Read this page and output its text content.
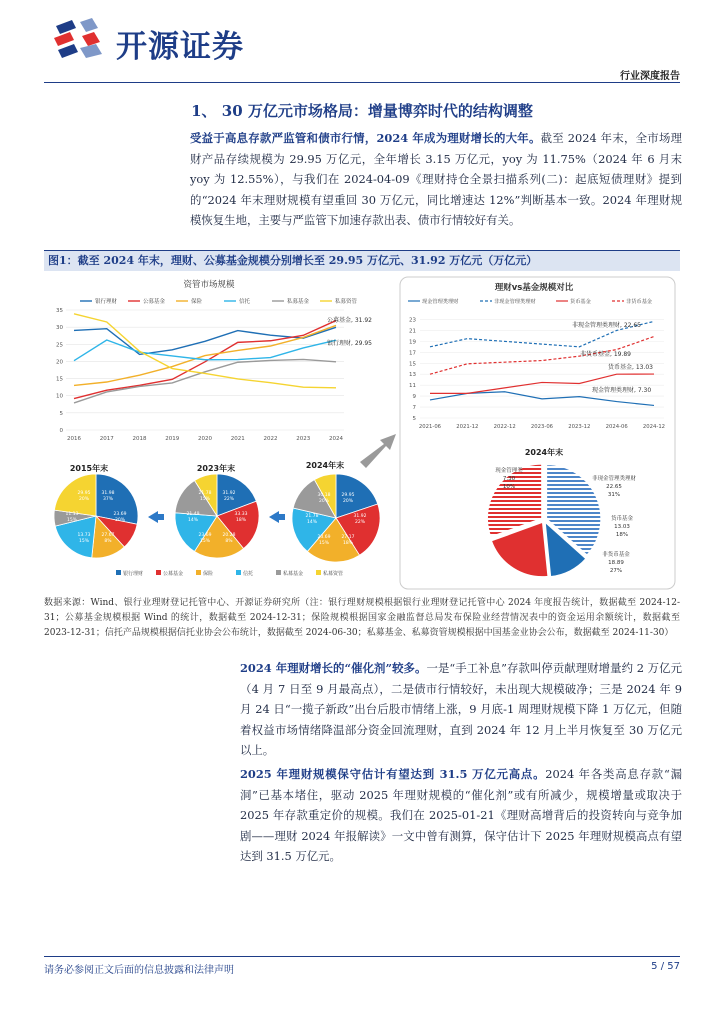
开源证券
行业深度报告
1、 30 万亿元市场格局：增量博弈时代的结构调整
受益于高息存款严监管和债市行情，2024 年成为理财增长的大年。截至 2024 年末，全市场理财产品存续规模为 29.95 万亿元，全年增长 3.15 万亿元，yoy 为 11.75%（2024 年 6 月末 yoy 为 12.55%），与我们在 2024-04-09《理财持仓全景扫描系列(二)：起底短债理财》提到的“2024 年末理财规模有望重回 30 万亿元，同比增速达 12%”判断基本一致。2024 年理财规模恢复生地，主要与严监管下加速存款出表、债市行情较好有关。
图1：截至 2024 年末，理财、公募基金规模分别增长至 29.95 万亿元、31.92 万亿元（万亿元）
资管市场规模
银行理财	公募基金	保险	信托	私募基金	私募资管
0
5
10
15
20
25
30
35
2016	2017	2018	2019	2020	2021	2022	2023	2024
公募基金, 31.92
银行理财, 29.95
2015年末	2023年末	2024年末
31.98
37%
23.69
30%
27.67
8%
13.73
15%
11.13
15%
29.95
20%
31.92
22%
33.33
18%
20.28
8%
23.69
15%
21.49
14%
21.78
15%
29.95
20%
31.92
22%
27.17
18%
23.69
15%
21.78
14%
30.18
20%
银行理财	公募基金	保险	信托	私募基金	私募资管
理财vs基金规模对比
现金管理类理财	非现金管理类理财	货币基金	非货币基金
5
7
9
11
13
15
17
19
21
23
2021-06	2021-12	2022-12	2023-06	2023-12	2024-06	2024-12
非现金管理类理财, 22.65
非货币基金, 19.89
货币基金, 13.03
现金管理类理财, 7.30
2024年末
非现金管理类理财
22.65
31%
现金管理类
7.30
10%
货币基金
13.03
18%
非货币基金
18.89
27%
数据来源：Wind、银行业理财登记托管中心、开源证券研究所（注：银行理财规模根据银行业理财登记托管中心 2024 年度报告统计，数据截至 2024-12-31；公募基金规模根据 Wind 的统计，数据截至 2024-12-31；保险规模根据国家金融监督总局发布保险业经营情况表中的资金运用余额统计，数据截至 2023-12-31；信托产品规模根据信托业协会公布统计，数据截至 2024-06-30；私募基金、私募资管规模根据中国基金业协会公布，数据截至 2024-11-30）
2024 年理财增长的“催化剂”较多。一是“手工补息”存款叫停贡献理财增量约 2 万亿元（4 月 7 日至 9 月最高点），二是债市行情较好，未出现大规模破净；三是 2024 年 9 月 24 日“一揽子新政”出台后股市情绪上涨，9 月底-1 周理财规模下降 1 万亿元，但随着权益市场情绪降温部分资金回流理财，直到 2024 年 12 月上半月恢复至 30 万亿元以上。
2025 年理财规模保守估计有望达到 31.5 万亿元高点。2024 年各类高息存款“漏洞”已基本堵住，驱动 2025 年理财规模的“催化剂”或有所减少，规模增量或取决于 2025 年存款重定价的规模。我们在 2025-01-21《理财高增背后的投资转向与竞争加剧——理财 2024 年报解读》一文中曾有测算，保守估计下 2025 年理财规模高点有望达到 31.5 万亿元。
请务必参阅正文后面的信息披露和法律声明	5 / 57
